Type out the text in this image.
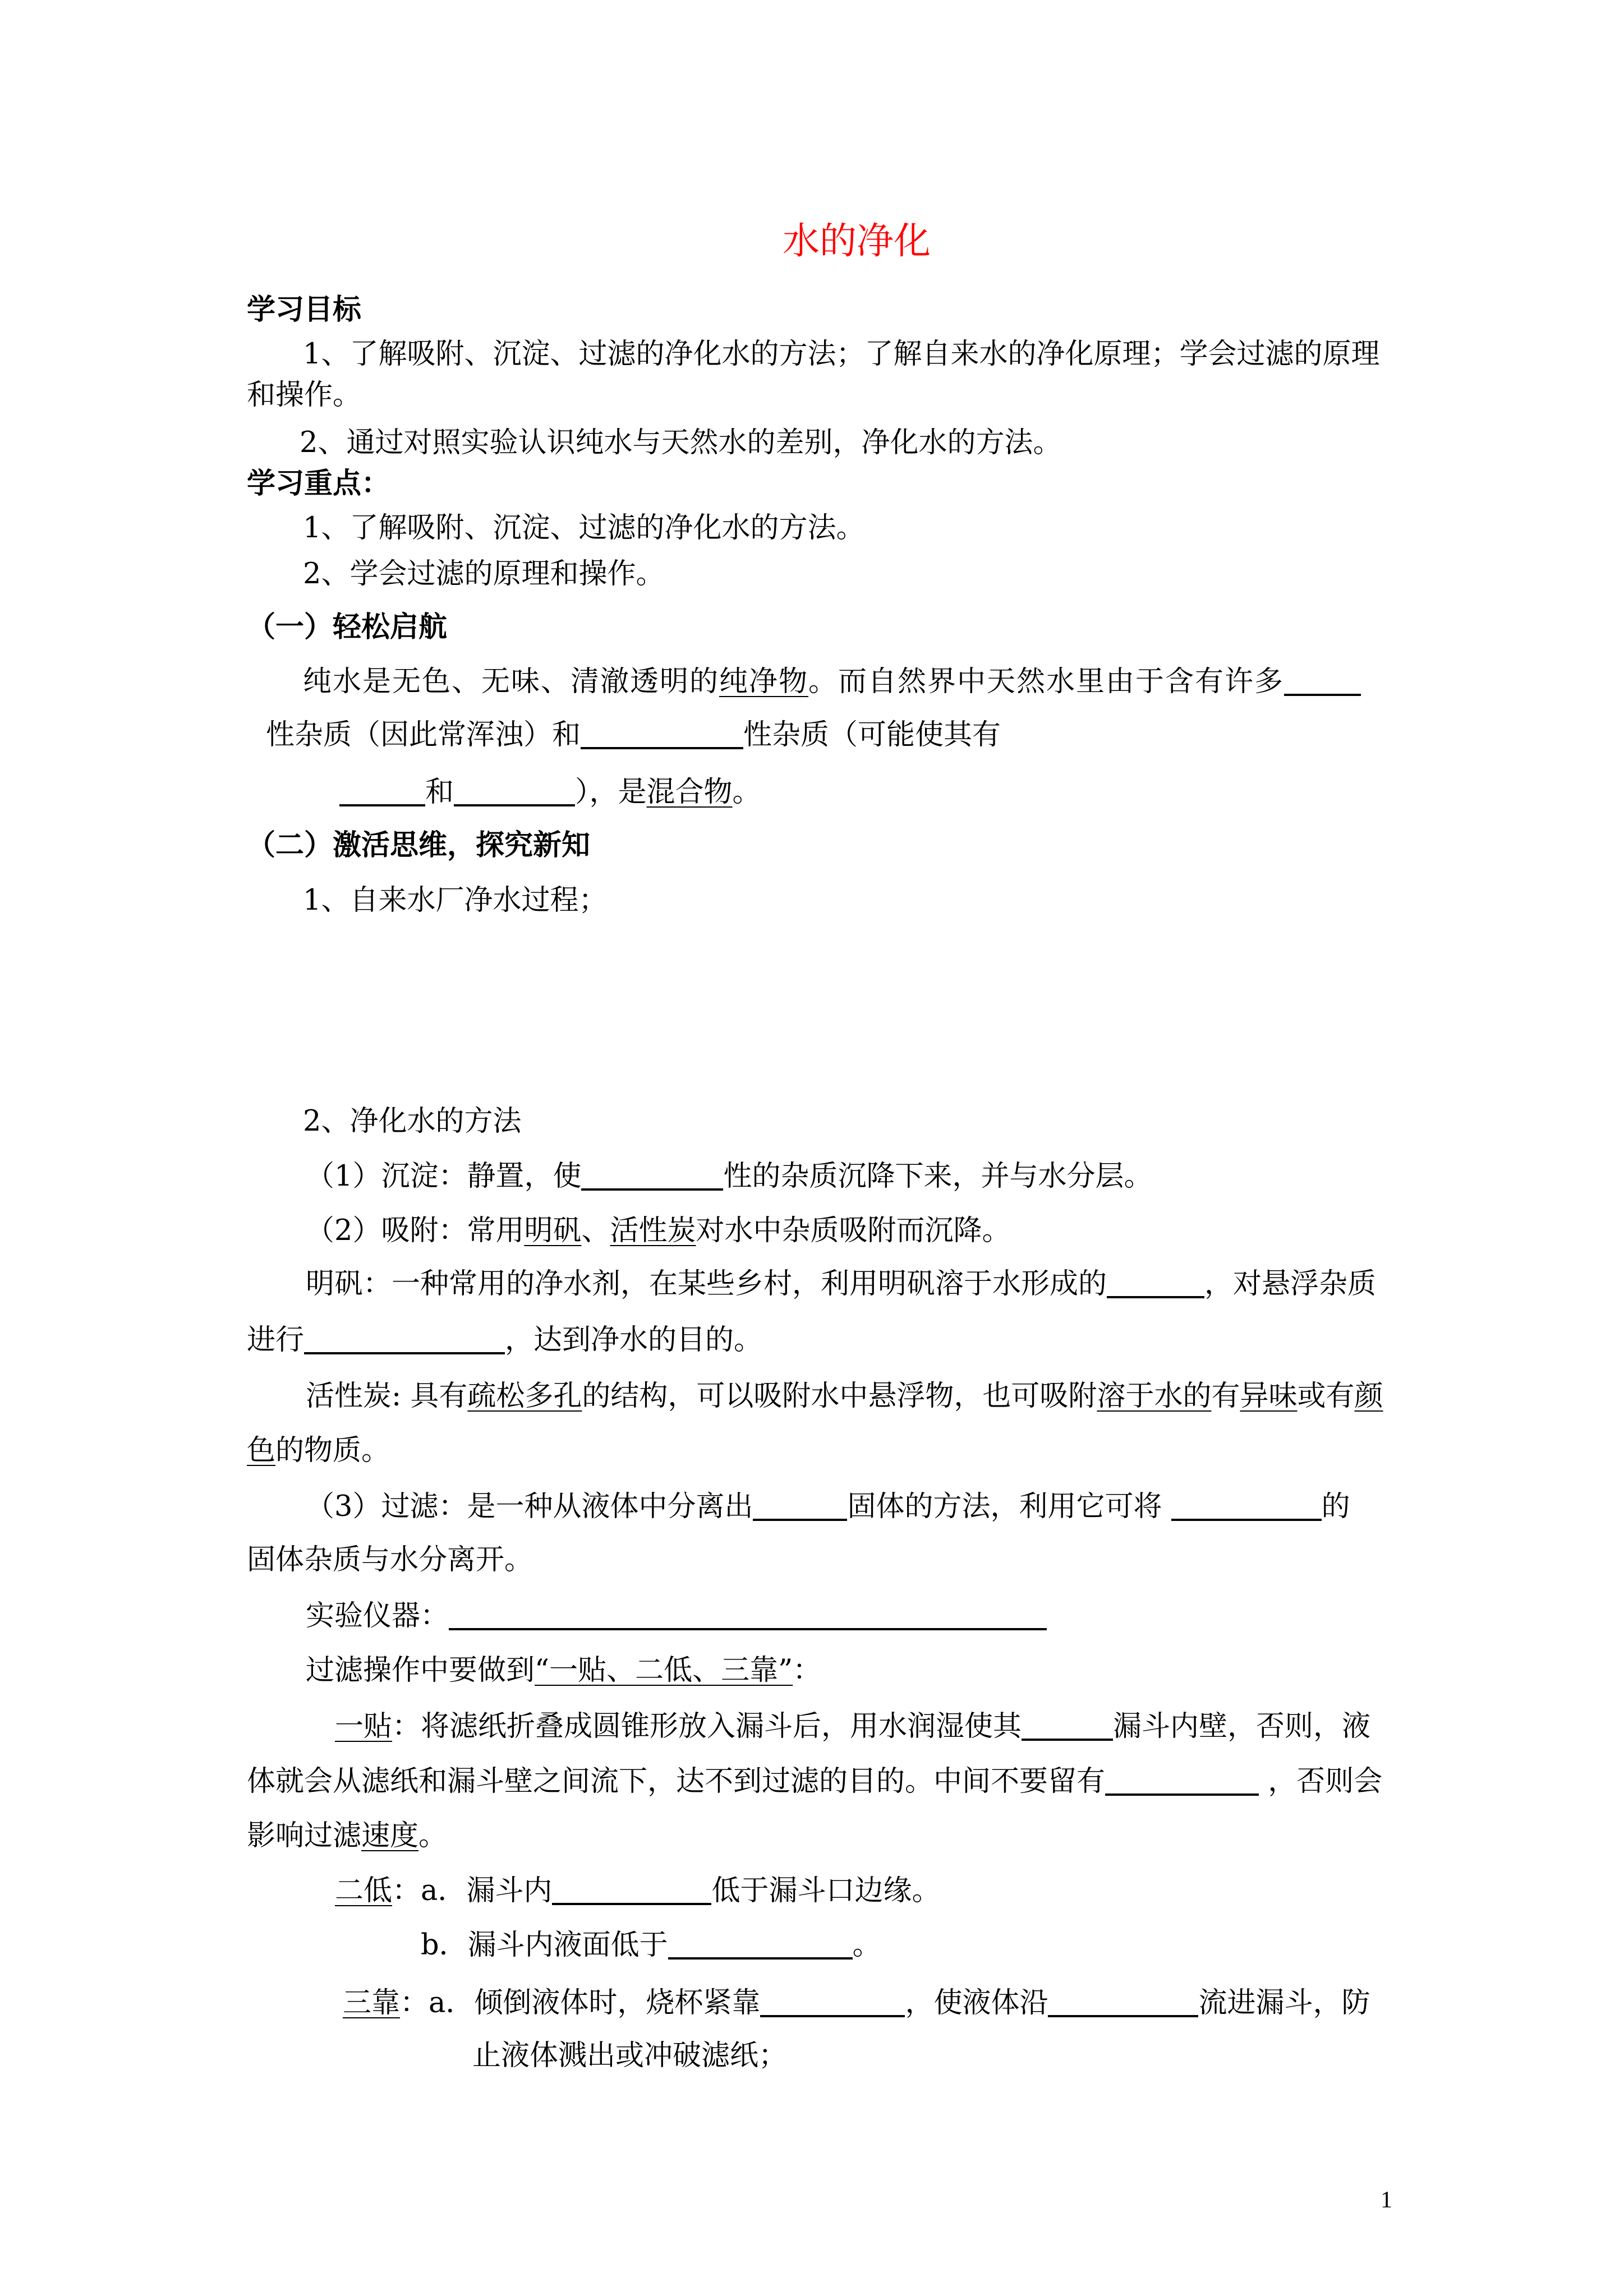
水的净化
学习目标
1、了解吸附、沉淀、过滤的净化水的方法；了解自来水的净化原理；学会过滤的原理
和操作。
2、通过对照实验认识纯水与天然水的差别，净化水的方法。
学习重点：
1、了解吸附、沉淀、过滤的净化水的方法。
2、学会过滤的原理和操作。
（一）轻松启航
纯水是无色、无味、清澈透明的纯净物。而自然界中天然水里由于含有许多
性杂质（因此常浑浊）和	性杂质（可能使其有
和	），是混合物。
（二）激活思维，探究新知
1、自来水厂净水过程；
2、净化水的方法
（1）沉淀：静置，使	性的杂质沉降下来，并与水分层。
（2）吸附：常用明矾、活性炭对水中杂质吸附而沉降。
明矾：一种常用的净水剂，在某些乡村，利用明矾溶于水形成的	，对悬浮杂质
进行	，达到净水的目的。
活性炭: 具有疏松多孔的结构，可以吸附水中悬浮物，也可吸附溶于水的有异味或有颜
色的物质。
（3）过滤：是一种从液体中分离出	固体的方法，利用它可将	的
固体杂质与水分离开。
实验仪器：
过滤操作中要做到“一贴、二低、三靠”：
一贴：将滤纸折叠成圆锥形放入漏斗后，用水润湿使其	漏斗内壁，否则，液
体就会从滤纸和漏斗壁之间流下，达不到过滤的目的。中间不要留有	，否则会
影响过滤速度。
二低：a．漏斗内	低于漏斗口边缘。
b．漏斗内液面低于	。
三靠：a．倾倒液体时，烧杯紧靠	，使液体沿	流进漏斗，防
止液体溅出或冲破滤纸；
1
